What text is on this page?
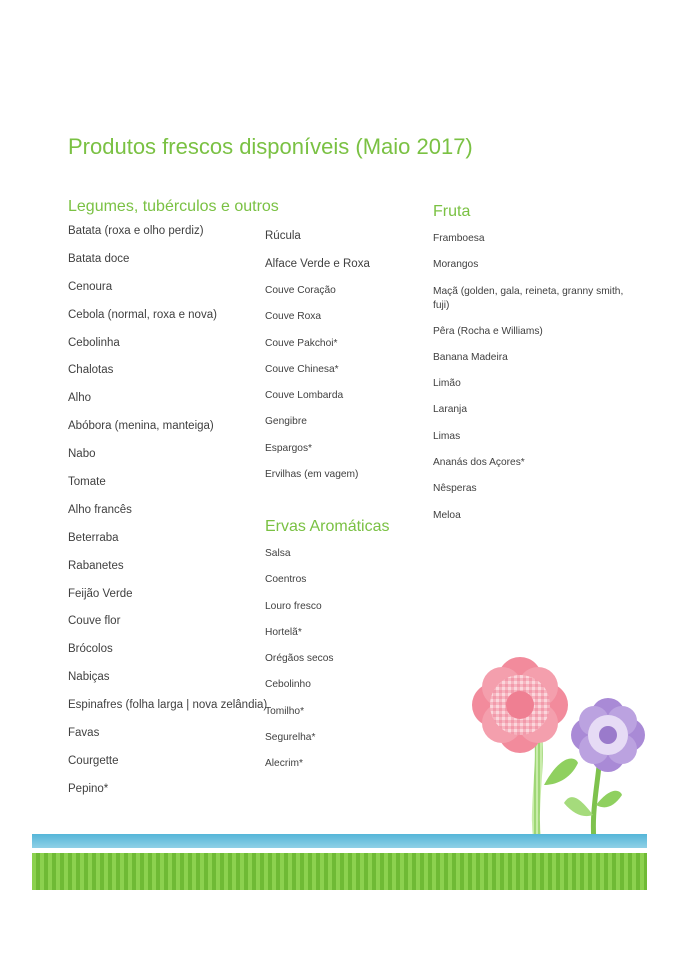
Produtos frescos disponíveis (Maio 2017)
Legumes, tubérculos e outros
Batata (roxa e olho perdiz)
Batata doce
Cenoura
Cebola (normal, roxa e nova)
Cebolinha
Chalotas
Alho
Abóbora (menina, manteiga)
Nabo
Tomate
Alho francês
Beterraba
Rabanetes
Feijão Verde
Couve flor
Brócolos
Nabiças
Espinafres (folha larga | nova zelândia)
Favas
Courgette
Pepino*
Rúcula
Alface Verde e Roxa
Couve Coração
Couve Roxa
Couve Pakchoi*
Couve Chinesa*
Couve Lombarda
Gengibre
Espargos*
Ervilhas (em vagem)
Ervas Aromáticas
Salsa
Coentros
Louro fresco
Hortelã*
Orégãos secos
Cebolinho
Tomilho*
Segurelha*
Alecrim*
Fruta
Framboesa
Morangos
Maçã (golden, gala, reineta, granny smith, fuji)
Pêra (Rocha e Williams)
Banana Madeira
Limão
Laranja
Limas
Ananás dos Açores*
Nêsperas
Meloa
